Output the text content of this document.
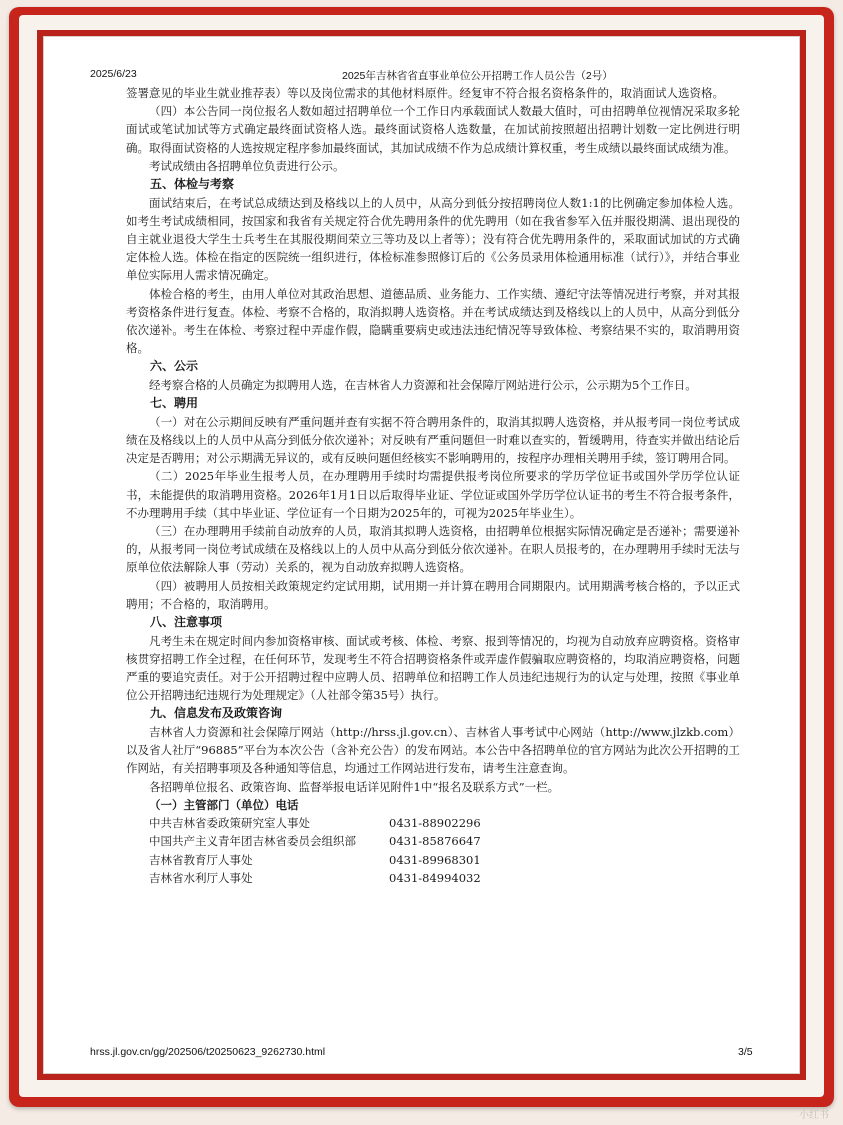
2025/6/23	2025年吉林省省直事业单位公开招聘工作人员公告（2号）

签署意见的毕业生就业推荐表）等以及岗位需求的其他材料原件。经复审不符合报名资格条件的，取消面试人选资格。

（四）本公告同一岗位报名人数如超过招聘单位一个工作日内承载面试人数最大值时，可由招聘单位视情况采取多轮面试或笔试加试等方式确定最终面试资格人选。最终面试资格人选数量，在加试前按照超出招聘计划数一定比例进行明确。取得面试资格的人选按规定程序参加最终面试，其加试成绩不作为总成绩计算权重，考生成绩以最终面试成绩为准。

考试成绩由各招聘单位负责进行公示。

五、体检与考察

面试结束后，在考试总成绩达到及格线以上的人员中，从高分到低分按招聘岗位人数1:1的比例确定参加体检人选。如考生考试成绩相同，按国家和我省有关规定符合优先聘用条件的优先聘用（如在我省参军入伍并服役期满、退出现役的自主就业退役大学生士兵考生在其服役期间荣立三等功及以上者等）；没有符合优先聘用条件的，采取面试加试的方式确定体检人选。体检在指定的医院统一组织进行，体检标准参照修订后的《公务员录用体检通用标准（试行）》，并结合事业单位实际用人需求情况确定。

体检合格的考生，由用人单位对其政治思想、道德品质、业务能力、工作实绩、遵纪守法等情况进行考察，并对其报考资格条件进行复查。体检、考察不合格的，取消拟聘人选资格。并在考试成绩达到及格线以上的人员中，从高分到低分依次递补。考生在体检、考察过程中弄虚作假，隐瞒重要病史或违法违纪情况等导致体检、考察结果不实的，取消聘用资格。

六、公示

经考察合格的人员确定为拟聘用人选，在吉林省人力资源和社会保障厅网站进行公示，公示期为5个工作日。

七、聘用

（一）对在公示期间反映有严重问题并查有实据不符合聘用条件的，取消其拟聘人选资格，并从报考同一岗位考试成绩在及格线以上的人员中从高分到低分依次递补；对反映有严重问题但一时难以查实的，暂缓聘用，待查实并做出结论后决定是否聘用；对公示期满无异议的，或有反映问题但经核实不影响聘用的，按程序办理相关聘用手续，签订聘用合同。

（二）2025年毕业生报考人员，在办理聘用手续时均需提供报考岗位所要求的学历学位证书或国外学历学位认证书，未能提供的取消聘用资格。2026年1月1日以后取得毕业证、学位证或国外学历学位认证书的考生不符合报考条件，不办理聘用手续（其中毕业证、学位证有一个日期为2025年的，可视为2025年毕业生）。

（三）在办理聘用手续前自动放弃的人员，取消其拟聘人选资格，由招聘单位根据实际情况确定是否递补；需要递补的，从报考同一岗位考试成绩在及格线以上的人员中从高分到低分依次递补。在职人员报考的，在办理聘用手续时无法与原单位依法解除人事（劳动）关系的，视为自动放弃拟聘人选资格。

（四）被聘用人员按相关政策规定约定试用期，试用期一并计算在聘用合同期限内。试用期满考核合格的，予以正式聘用；不合格的，取消聘用。

八、注意事项

凡考生未在规定时间内参加资格审核、面试或考核、体检、考察、报到等情况的，均视为自动放弃应聘资格。资格审核贯穿招聘工作全过程，在任何环节，发现考生不符合招聘资格条件或弄虚作假骗取应聘资格的，均取消应聘资格，问题严重的要追究责任。对于公开招聘过程中应聘人员、招聘单位和招聘工作人员违纪违规行为的认定与处理，按照《事业单位公开招聘违纪违规行为处理规定》（人社部令第35号）执行。

九、信息发布及政策咨询

吉林省人力资源和社会保障厅网站（http://hrss.jl.gov.cn）、吉林省人事考试中心网站（http://www.jlzkb.com）以及省人社厅“96885”平台为本次公告（含补充公告）的发布网站。本公告中各招聘单位的官方网站为此次公开招聘的工作网站，有关招聘事项及各种通知等信息，均通过工作网站进行发布，请考生注意查询。

各招聘单位报名、政策咨询、监督举报电话详见附件1中“报名及联系方式”一栏。

（一）主管部门（单位）电话
中共吉林省委政策研究室人事处	0431-88902296
中国共产主义青年团吉林省委员会组织部	0431-85876647
吉林省教育厅人事处	0431-89968301
吉林省水利厅人事处	0431-84994032
hrss.jl.gov.cn/gg/202506/t20250623_9262730.html	3/5
小红书
